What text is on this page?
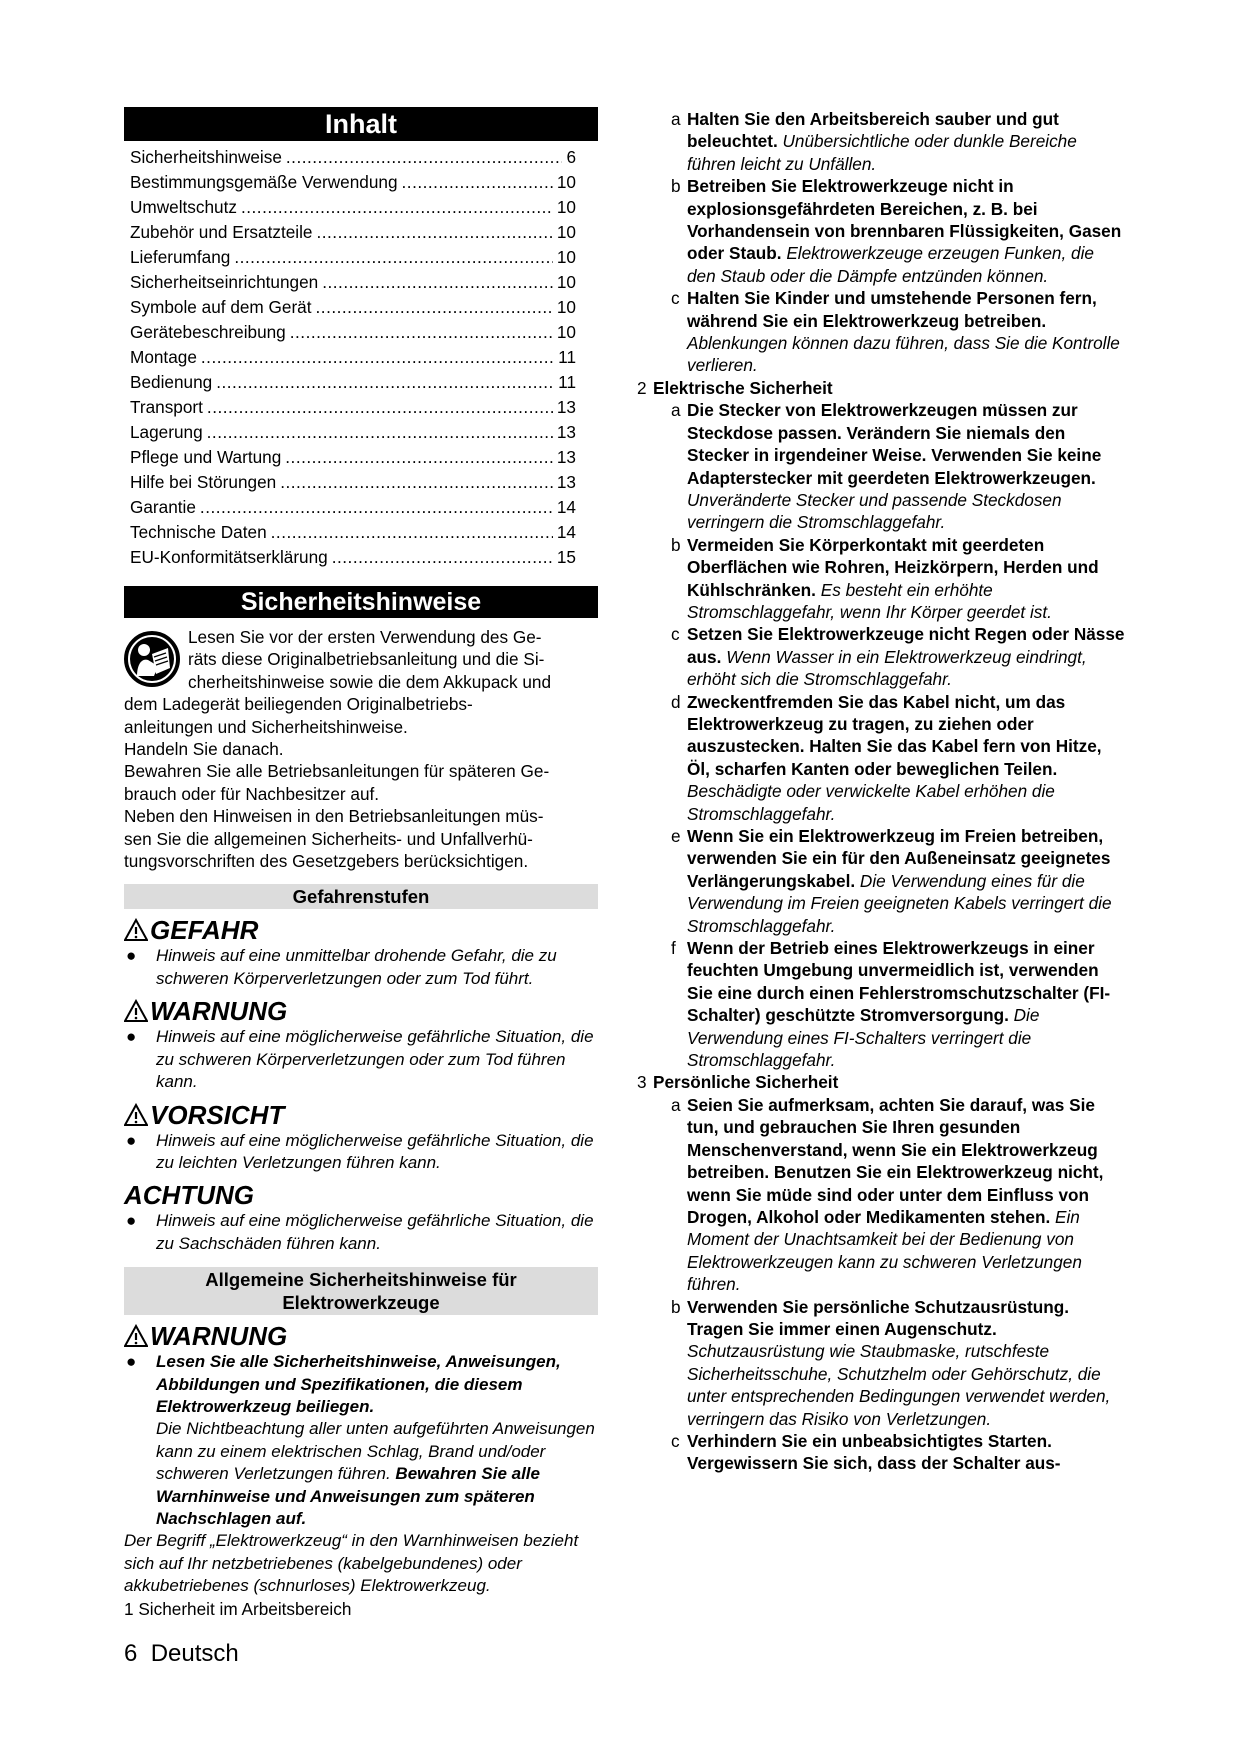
Inhalt
Sicherheitshinweise .....	6
Bestimmungsgemäße Verwendung .....	10
Umweltschutz .....	10
Zubehör und Ersatzteile .....	10
Lieferumfang .....	10
Sicherheitseinrichtungen .....	10
Symbole auf dem Gerät .....	10
Gerätebeschreibung .....	10
Montage .....	11
Bedienung .....	11
Transport .....	13
Lagerung .....	13
Pflege und Wartung .....	13
Hilfe bei Störungen .....	13
Garantie .....	14
Technische Daten .....	14
EU-Konformitätserklärung .....	15
Sicherheitshinweise

Lesen Sie vor der ersten Verwendung des Ge-

räts diese Originalbetriebsanleitung und die Si-

cherheitshinweise sowie die dem Akkupack und

dem Ladegerät beiliegenden Originalbetriebs-

anleitungen und Sicherheitshinweise.

Handeln Sie danach.

Bewahren Sie alle Betriebsanleitungen für späteren Ge-

brauch oder für Nachbesitzer auf.

Neben den Hinweisen in den Betriebsanleitungen müs-

sen Sie die allgemeinen Sicherheits- und Unfallverhü-

tungsvorschriften des Gesetzgebers berücksichtigen.

Gefahrenstufen
GEFAHR
●	Hinweis auf eine unmittelbar drohende Gefahr, die zu schweren Körperverletzungen oder zum Tod führt.
WARNUNG
●	Hinweis auf eine möglicherweise gefährliche Situation, die zu schweren Körperverletzungen oder zum Tod führen kann.
VORSICHT
●	Hinweis auf eine möglicherweise gefährliche Situation, die zu leichten Verletzungen führen kann.
ACHTUNG
●	Hinweis auf eine möglicherweise gefährliche Situation, die zu Sachschäden führen kann.
Allgemeine Sicherheitshinweise für
Elektrowerkzeuge
WARNUNG
●	Lesen Sie alle Sicherheitshinweise, Anweisungen, Abbildungen und Spezifikationen, die diesem Elektrowerkzeug beiliegen.
Die Nichtbeachtung aller unten aufgeführten Anweisungen kann zu einem elektrischen Schlag, Brand und/oder schweren Verletzungen führen. Bewahren Sie alle Warnhinweise und Anweisungen zum späteren Nachschlagen auf.
Der Begriff „Elektrowerkzeug“ in den Warnhinweisen bezieht sich auf Ihr netzbetriebenes (kabelgebundenes) oder akkubetriebenes (schnurloses) Elektrowerkzeug.
1 Sicherheit im Arbeitsbereich
a Halten Sie den Arbeitsbereich sauber und gut beleuchtet. Unübersichtliche oder dunkle Bereiche führen leicht zu Unfällen.
b Betreiben Sie Elektrowerkzeuge nicht in explosionsgefährdeten Bereichen, z. B. bei Vorhandensein von brennbaren Flüssigkeiten, Gasen oder Staub. Elektrowerkzeuge erzeugen Funken, die den Staub oder die Dämpfe entzünden können.
c Halten Sie Kinder und umstehende Personen fern, während Sie ein Elektrowerkzeug betreiben. Ablenkungen können dazu führen, dass Sie die Kontrolle verlieren.
2 Elektrische Sicherheit
a Die Stecker von Elektrowerkzeugen müssen zur Steckdose passen. Verändern Sie niemals den Stecker in irgendeiner Weise. Verwenden Sie keine Adapterstecker mit geerdeten Elektrowerkzeugen. Unveränderte Stecker und passende Steckdosen verringern die Stromschlaggefahr.
b Vermeiden Sie Körperkontakt mit geerdeten Oberflächen wie Rohren, Heizkörpern, Herden und Kühlschränken. Es besteht ein erhöhte Stromschlaggefahr, wenn Ihr Körper geerdet ist.
c Setzen Sie Elektrowerkzeuge nicht Regen oder Nässe aus. Wenn Wasser in ein Elektrowerkzeug eindringt, erhöht sich die Stromschlaggefahr.
d Zweckentfremden Sie das Kabel nicht, um das Elektrowerkzeug zu tragen, zu ziehen oder auszustecken. Halten Sie das Kabel fern von Hitze, Öl, scharfen Kanten oder beweglichen Teilen. Beschädigte oder verwickelte Kabel erhöhen die Stromschlaggefahr.
e Wenn Sie ein Elektrowerkzeug im Freien betreiben, verwenden Sie ein für den Außeneinsatz geeignetes Verlängerungskabel. Die Verwendung eines für die Verwendung im Freien geeigneten Kabels verringert die Stromschlaggefahr.
f Wenn der Betrieb eines Elektrowerkzeugs in einer feuchten Umgebung unvermeidlich ist, verwenden Sie eine durch einen Fehlerstromschutzschalter (FI-Schalter) geschützte Stromversorgung. Die Verwendung eines FI-Schalters verringert die Stromschlaggefahr.
3 Persönliche Sicherheit
a Seien Sie aufmerksam, achten Sie darauf, was Sie tun, und gebrauchen Sie Ihren gesunden Menschenverstand, wenn Sie ein Elektrowerkzeug betreiben. Benutzen Sie ein Elektrowerkzeug nicht, wenn Sie müde sind oder unter dem Einfluss von Drogen, Alkohol oder Medikamenten stehen. Ein Moment der Unachtsamkeit bei der Bedienung von Elektrowerkzeugen kann zu schweren Verletzungen führen.
b Verwenden Sie persönliche Schutzausrüstung. Tragen Sie immer einen Augenschutz. Schutzausrüstung wie Staubmaske, rutschfeste Sicherheitsschuhe, Schutzhelm oder Gehörschutz, die unter entsprechenden Bedingungen verwendet werden, verringern das Risiko von Verletzungen.
c Verhindern Sie ein unbeabsichtigtes Starten. Vergewissern Sie sich, dass der Schalter aus-
6 Deutsch
